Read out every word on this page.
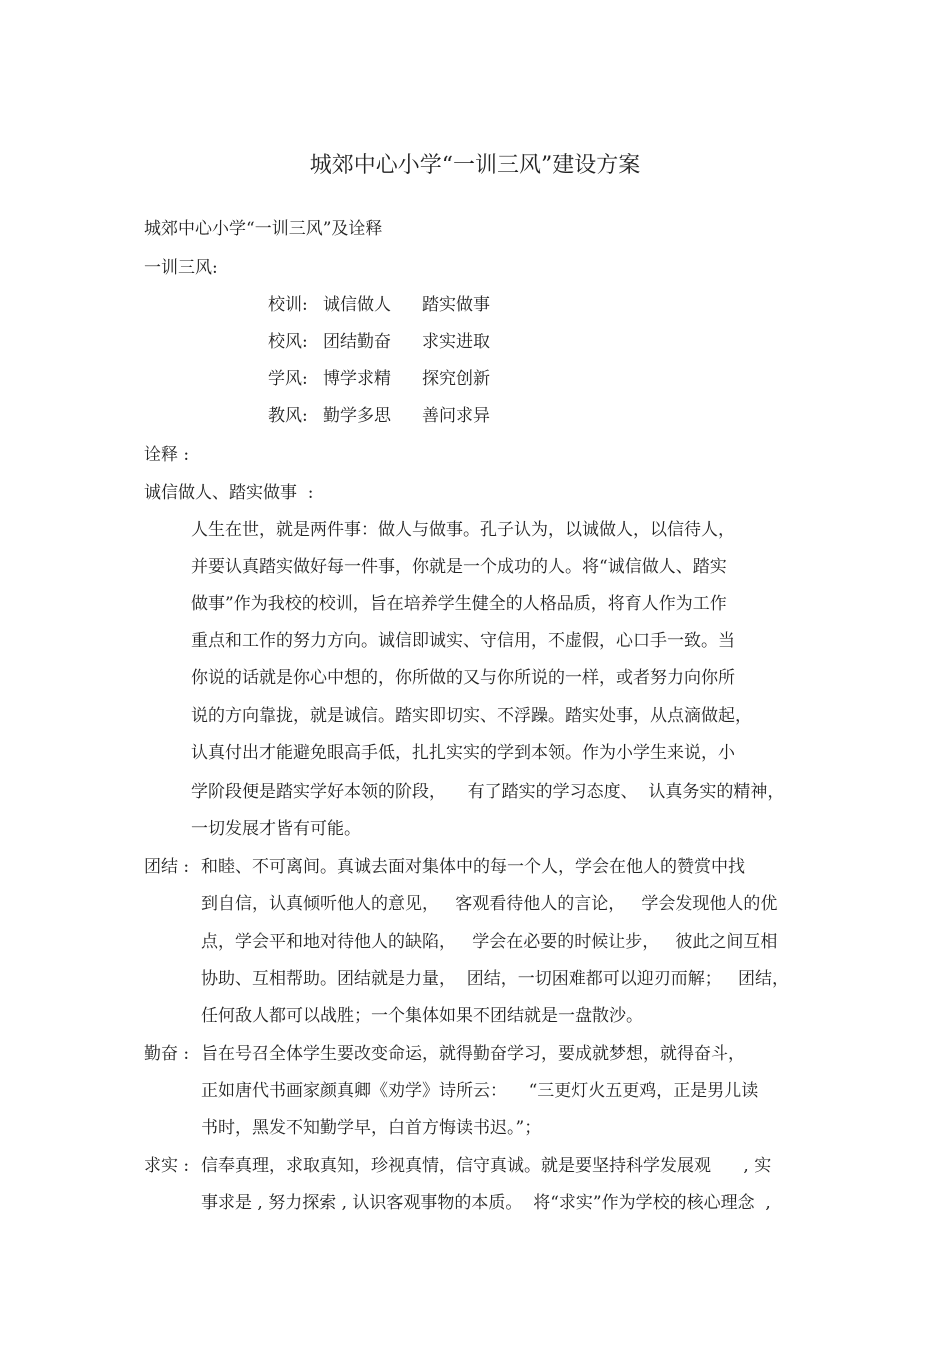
城郊中心小学“一训三风”建设方案
城郊中心小学“一训三风”及诠释
一训三风:
校训: 诚信做人 踏实做事
校风: 团结勤奋 求实进取
学风: 博学求精 探究创新
教风: 勤学多思 善问求异
诠释 :
诚信做人、踏实做事  :
人生在世，就是两件事：做人与做事。孔子认为，以诚做人，以信待人，
并要认真踏实做好每一件事，你就是一个成功的人。将“诚信做人、踏实
做事”作为我校的校训，旨在培养学生健全的人格品质，将育人作为工作
重点和工作的努力方向。诚信即诚实、守信用，不虚假，心口手一致。当
你说的话就是你心中想的，你所做的又与你所说的一样，或者努力向你所
说的方向靠拢，就是诚信。踏实即切实、不浮躁。踏实处事，从点滴做起，
认真付出才能避免眼高手低，扎扎实实的学到本领。作为小学生来说，小
学阶段便是踏实学好本领的阶段，    有了踏实的学习态度、  认真务实的精神，
一切发展才皆有可能。
团结 : 和睦、不可离间。真诚去面对集体中的每一个人，学会在他人的赞赏中找
到自信，认真倾听他人的意见，   客观看待他人的言论，   学会发现他人的优
点，学会平和地对待他人的缺陷，   学会在必要的时候让步，   彼此之间互相
协助、互相帮助。团结就是力量，  团结，一切困难都可以迎刃而解；   团结，
任何敌人都可以战胜；一个集体如果不团结就是一盘散沙。
勤奋 : 旨在号召全体学生要改变命运，就得勤奋学习，要成就梦想，就得奋斗，
正如唐代书画家颜真卿《劝学》诗所云：    “三更灯火五更鸡，正是男儿读
书时，黑发不知勤学早，白首方悔读书迟。”；
求实 : 信奉真理，求取真知，珍视真情，信守真诚。就是要坚持科学发展观      , 实
事求是 , 努力探索 , 认识客观事物的本质。  将“求实”作为学校的核心理念  ,
